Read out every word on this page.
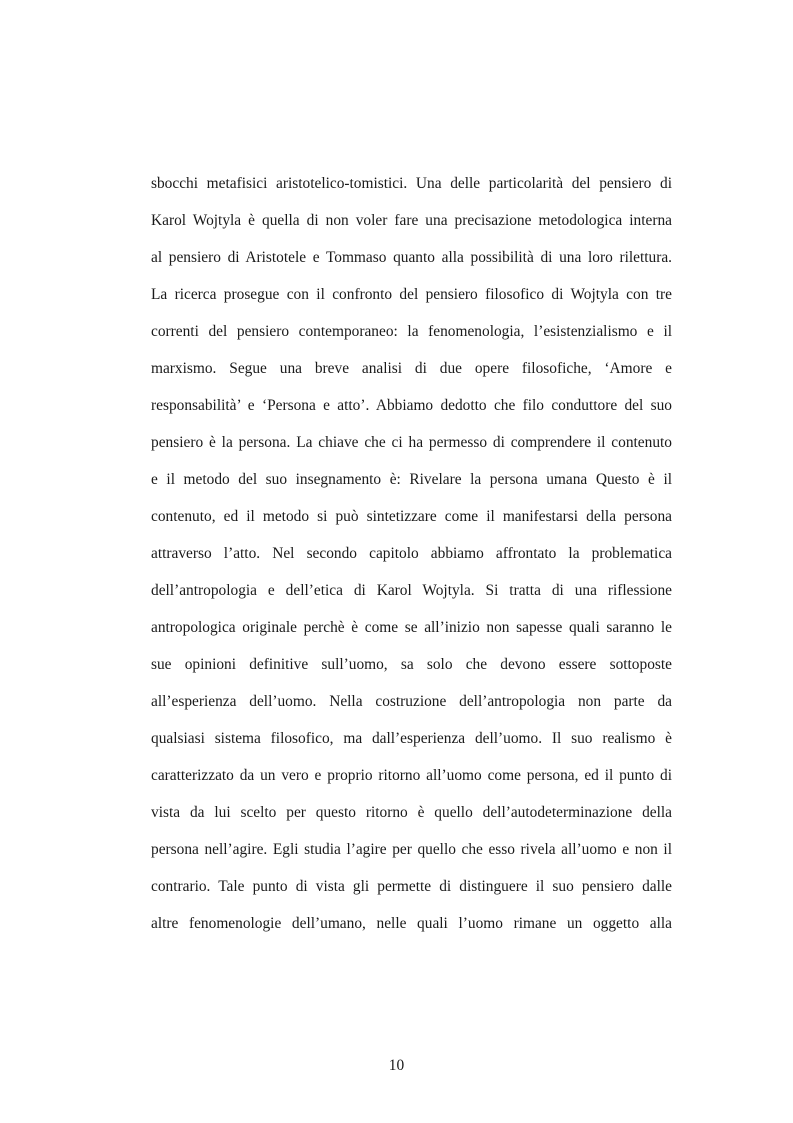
sbocchi metafisici aristotelico-tomistici. Una delle particolarità del pensiero di
Karol Wojtyla è quella di non voler fare una precisazione metodologica interna
al pensiero di Aristotele e Tommaso quanto alla possibilità di una loro rilettura.
La ricerca prosegue con il confronto del pensiero filosofico di Wojtyla con tre
correnti del pensiero contemporaneo: la fenomenologia, l’esistenzialismo e il
marxismo. Segue una breve analisi di due opere filosofiche, ‘Amore e
responsabilità’ e ‘Persona e atto’. Abbiamo dedotto che filo conduttore del suo
pensiero è la persona. La chiave che ci ha permesso di comprendere il contenuto
e il metodo del suo insegnamento è: Rivelare la persona umana Questo è il
contenuto, ed il metodo si può sintetizzare come il manifestarsi della persona
attraverso l’atto. Nel secondo capitolo abbiamo affrontato la problematica
dell’antropologia e dell’etica di Karol Wojtyla. Si tratta di una riflessione
antropologica originale perchè è come se all’inizio non sapesse quali saranno le
sue opinioni definitive sull’uomo, sa solo che devono essere sottoposte
all’esperienza dell’uomo. Nella costruzione dell’antropologia non parte da
qualsiasi sistema filosofico, ma dall’esperienza dell’uomo. Il suo realismo è
caratterizzato da un vero e proprio ritorno all’uomo come persona, ed il punto di
vista da lui scelto per questo ritorno è quello dell’autodeterminazione della
persona nell’agire. Egli studia l’agire per quello che esso rivela all’uomo e non il
contrario. Tale punto di vista gli permette di distinguere il suo pensiero dalle
altre fenomenologie dell’umano, nelle quali l’uomo rimane un oggetto alla
10
